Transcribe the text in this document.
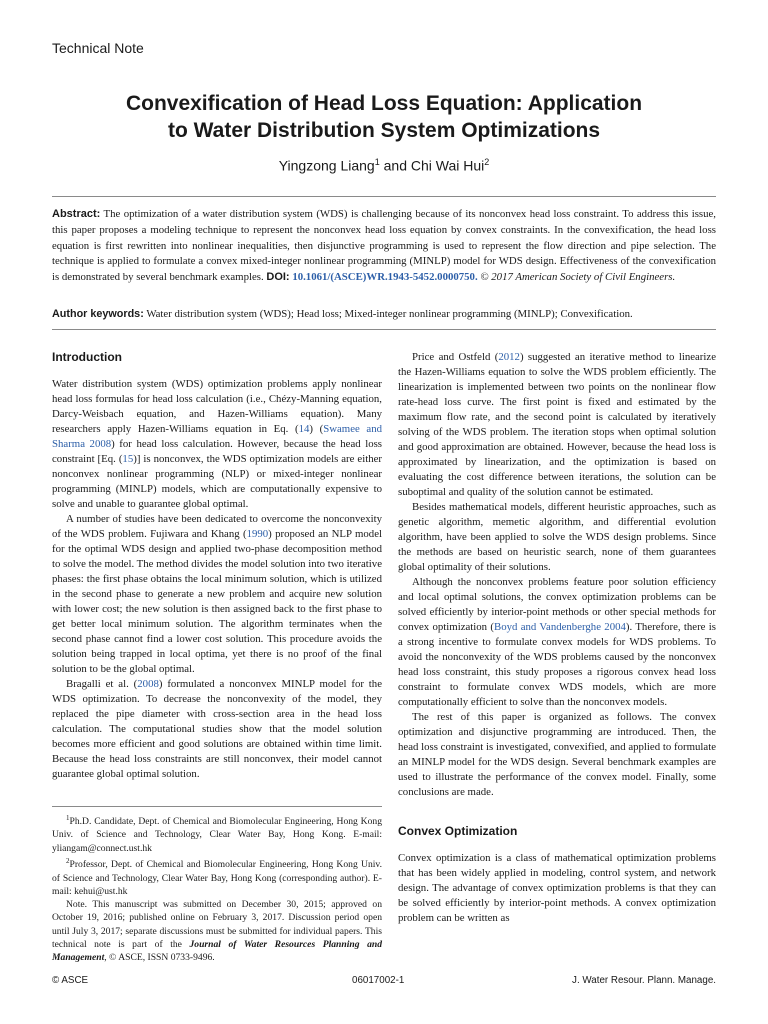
Technical Note
Convexification of Head Loss Equation: Application
to Water Distribution System Optimizations
Yingzong Liang$^1$ and Chi Wai Hui$^2$
Abstract: The optimization of a water distribution system (WDS) is challenging because of its nonconvex head loss constraint. To address this issue, this paper proposes a modeling technique to represent the nonconvex head loss equation by convex constraints. In the convexification, the head loss equation is first rewritten into nonlinear inequalities, then disjunctive programming is used to represent the flow direction and pipe selection. The technique is applied to formulate a convex mixed-integer nonlinear programming (MINLP) model for WDS design. Effectiveness of the convexification is demonstrated by several benchmark examples. DOI: 10.1061/(ASCE)WR.1943-5452.0000750. © 2017 American Society of Civil Engineers.
Author keywords: Water distribution system (WDS); Head loss; Mixed-integer nonlinear programming (MINLP); Convexification.
Introduction

Water distribution system (WDS) optimization problems apply nonlinear head loss formulas for head loss calculation (i.e., Chézy-Manning equation, Darcy-Weisbach equation, and Hazen-Williams equation). Many researchers apply Hazen-Williams equation in Eq. (14) (Swamee and Sharma 2008) for head loss calculation. However, because the head loss constraint [Eq. (15)] is nonconvex, the WDS optimization models are either nonconvex nonlinear programming (NLP) or mixed-integer nonlinear programming (MINLP) models, which are computationally expensive to solve and unable to guarantee global optimal.

A number of studies have been dedicated to overcome the nonconvexity of the WDS problem. Fujiwara and Khang (1990) proposed an NLP model for the optimal WDS design and applied two-phase decomposition method to solve the model. The method divides the model solution into two iterative phases: the first phase obtains the local minimum solution, which is utilized in the second phase to generate a new problem and acquire new solution with lower cost; the new solution is then assigned back to the first phase to get better local minimum solution. The algorithm terminates when the second phase cannot find a lower cost solution. This procedure avoids the solution being trapped in local optima, yet there is no proof of the final solution to be the global optimal.

Bragalli et al. (2008) formulated a nonconvex MINLP model for the WDS optimization. To decrease the nonconvexity of the model, they replaced the pipe diameter with cross-section area in the head loss calculation. The computational studies show that the model solution becomes more efficient and good solutions are obtained within time limit. Because the head loss constraints are still nonconvex, their model cannot guarantee global optimal solution.

$^1$Ph.D. Candidate, Dept. of Chemical and Biomolecular Engineering, Hong Kong Univ. of Science and Technology, Clear Water Bay, Hong Kong. E-mail: yliangam@connect.ust.hk

$^2$Professor, Dept. of Chemical and Biomolecular Engineering, Hong Kong Univ. of Science and Technology, Clear Water Bay, Hong Kong (corresponding author). E-mail: kehui@ust.hk

Note. This manuscript was submitted on December 30, 2015; approved on October 19, 2016; published online on February 3, 2017. Discussion period open until July 3, 2017; separate discussions must be submitted for individual papers. This technical note is part of the Journal of Water Resources Planning and Management, © ASCE, ISSN 0733-9496.

Price and Ostfeld (2012) suggested an iterative method to linearize the Hazen-Williams equation to solve the WDS problem efficiently. The linearization is implemented between two points on the nonlinear flow rate-head loss curve. The first point is fixed and estimated by the maximum flow rate, and the second point is calculated by iteratively solving of the WDS problem. The iteration stops when optimal solution and good approximation are obtained. However, because the head loss is approximated by linearization, and the optimization is based on evaluating the cost difference between iterations, the solution can be suboptimal and quality of the solution cannot be estimated.

Besides mathematical models, different heuristic approaches, such as genetic algorithm, memetic algorithm, and differential evolution algorithm, have been applied to solve the WDS design problems. Since the methods are based on heuristic search, none of them guarantees global optimality of their solutions.

Although the nonconvex problems feature poor solution efficiency and local optimal solutions, the convex optimization problems can be solved efficiently by interior-point methods or other special methods for convex optimization (Boyd and Vandenberghe 2004). Therefore, there is a strong incentive to formulate convex models for WDS problems. To avoid the nonconvexity of the WDS problems caused by the nonconvex head loss constraint, this study proposes a rigorous convex head loss constraint to formulate convex WDS models, which are more computationally efficient to solve than the nonconvex models.

The rest of this paper is organized as follows. The convex optimization and disjunctive programming are introduced. Then, the head loss constraint is investigated, convexified, and applied to formulate an MINLP model for the WDS design. Several benchmark examples are used to illustrate the performance of the convex model. Finally, some conclusions are made.

Convex Optimization

Convex optimization is a class of mathematical optimization problems that has been widely applied in modeling, control system, and network design. The advantage of convex optimization problems is that they can be solved efficiently by interior-point methods. A convex optimization problem can be written as

© ASCE	06017002-1	J. Water Resour. Plann. Manage.
